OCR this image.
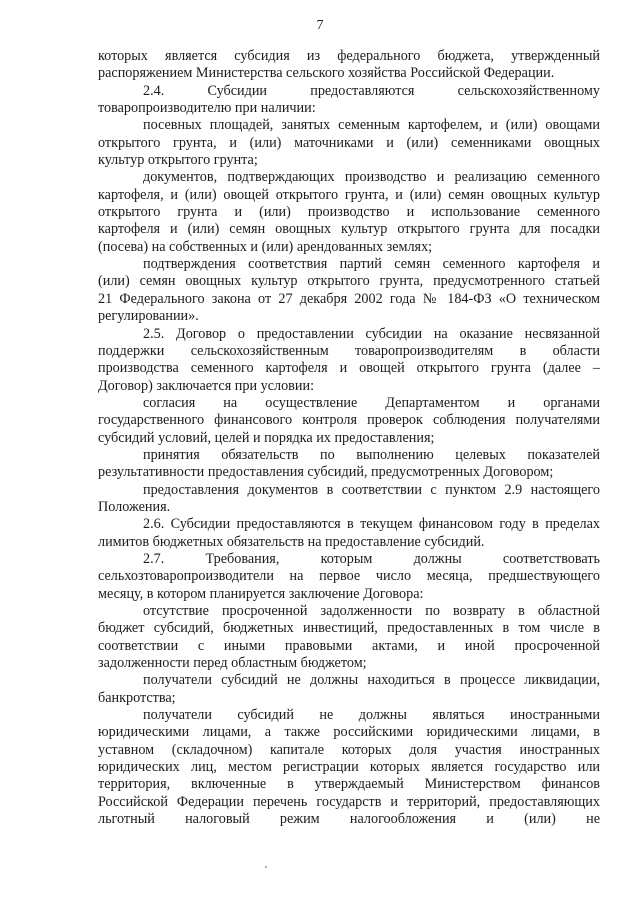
7
которых является субсидия из федерального бюджета, утвержденный
распоряжением Министерства сельского хозяйства Российской Федерации.
2.4. Субсидии предоставляются сельскохозяйственному
товаропроизводителю при наличии:
посевных площадей, занятых семенным картофелем, и (или) овощами
открытого грунта, и (или) маточниками и (или) семенниками овощных
культур открытого грунта;
документов, подтверждающих производство и реализацию семенного
картофеля, и (или) овощей открытого грунта, и (или) семян овощных культур
открытого грунта и (или) производство и использование семенного
картофеля и (или) семян овощных культур открытого грунта для посадки
(посева) на собственных и (или) арендованных землях;
подтверждения соответствия партий семян семенного картофеля и
(или) семян овощных культур открытого грунта, предусмотренного статьей
21 Федерального закона от 27 декабря 2002 года № 184-ФЗ «О техническом
регулировании».
2.5. Договор о предоставлении субсидии на оказание несвязанной
поддержки сельскохозяйственным товаропроизводителям в области
производства семенного картофеля и овощей открытого грунта (далее –
Договор) заключается при условии:
согласия на осуществление Департаментом и органами
государственного финансового контроля проверок соблюдения получателями
субсидий условий, целей и порядка их предоставления;
принятия обязательств по выполнению целевых показателей
результативности предоставления субсидий, предусмотренных Договором;
предоставления документов в соответствии с пунктом 2.9 настоящего
Положения.
2.6. Субсидии предоставляются в текущем финансовом году в пределах
лимитов бюджетных обязательств на предоставление субсидий.
2.7. Требования, которым должны соответствовать
сельхозтоваропроизводители на первое число месяца, предшествующего
месяцу, в котором планируется заключение Договора:
отсутствие просроченной задолженности по возврату в областной
бюджет субсидий, бюджетных инвестиций, предоставленных в том числе в
соответствии с иными правовыми актами, и иной просроченной
задолженности перед областным бюджетом;
получатели субсидий не должны находиться в процессе ликвидации,
банкротства;
получатели субсидий не должны являться иностранными
юридическими лицами, а также российскими юридическими лицами, в
уставном (складочном) капитале которых доля участия иностранных
юридических лиц, местом регистрации которых является государство или
территория, включенные в утверждаемый Министерством финансов
Российской Федерации перечень государств и территорий, предоставляющих
льготный налоговый режим налогообложения и (или) не
